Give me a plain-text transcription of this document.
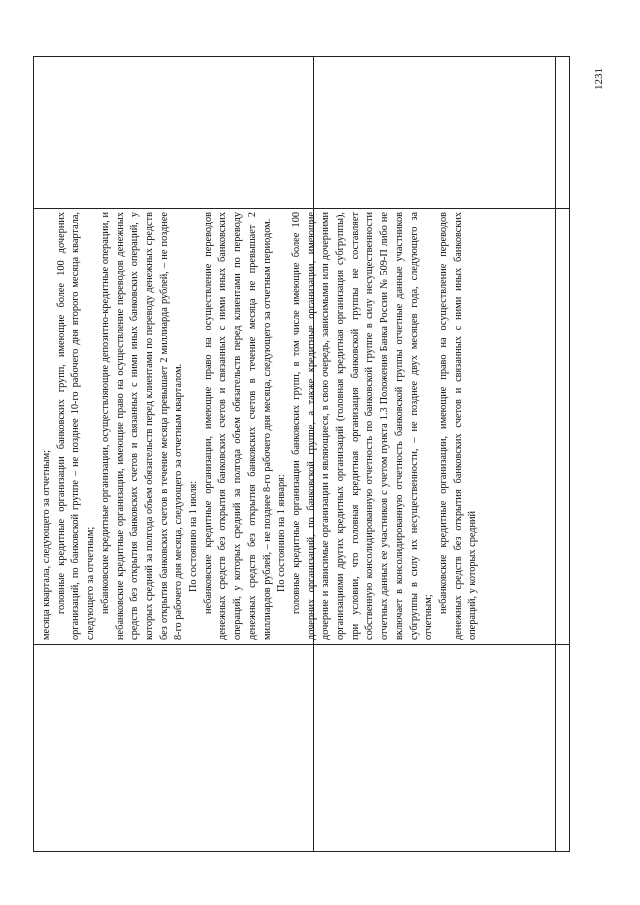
1231

месяца квартала, следующего за отчетным; головные кредитные организации банковских групп, имеющие более 100 дочерних организаций, по банковской группе – не позднее 10-го рабочего дня второго месяца квартала, следующего за отчетным; небанковские кредитные организации, осуществляющие депозитно-кредитные операции, и небанковские кредитные организации, имеющие право на осуществление переводов денежных средств без открытия банковских счетов и связанных с ними иных банковских операций, у которых средний за полгода объем обязательств перед клиентами по переводу денежных средств без открытия банковских счетов в течение месяца превышает 2 миллиарда рублей, – не позднее 8-го рабочего дня месяца, следующего за отчетным кварталом. По состоянию на 1 июля: небанковские кредитные организации, имеющие право на осуществление переводов денежных средств без открытия банковских счетов и связанных с ними иных банковских операций, у которых средний за полгода объем обязательств перед клиентами по переводу денежных средств без открытия банковских счетов в течение месяца не превышает 2 миллиардов рублей, – не позднее 8-го рабочего дня месяца, следующего за отчетным периодом. По состоянию на 1 января: головные кредитные организации банковских групп, в том числе имеющие более 100 дочерних организаций, по банковской группе, а также кредитные организации, имеющие дочерние и зависимые организации и являющиеся, в свою очередь, зависимыми или дочерними организациями других кредитных организаций (головная кредитная организация субгруппы), при условии, что головная кредитная организация банковской группы не составляет собственную консолидированную отчетность по банковской группе в силу несущественности отчетных данных ее участников с учетом пункта 1.3 Положения Банка России № 509-П либо не включает в консолидированную отчетность банковской группы отчетные данные участников субгруппы в силу их несущественности, – не позднее двух месяцев года, следующего за отчетным;

небанковские кредитные организации, имеющие право на осуществление переводов денежных средств без открытия банковских счетов и связанных с ними иных банковских операций, у которых средний
